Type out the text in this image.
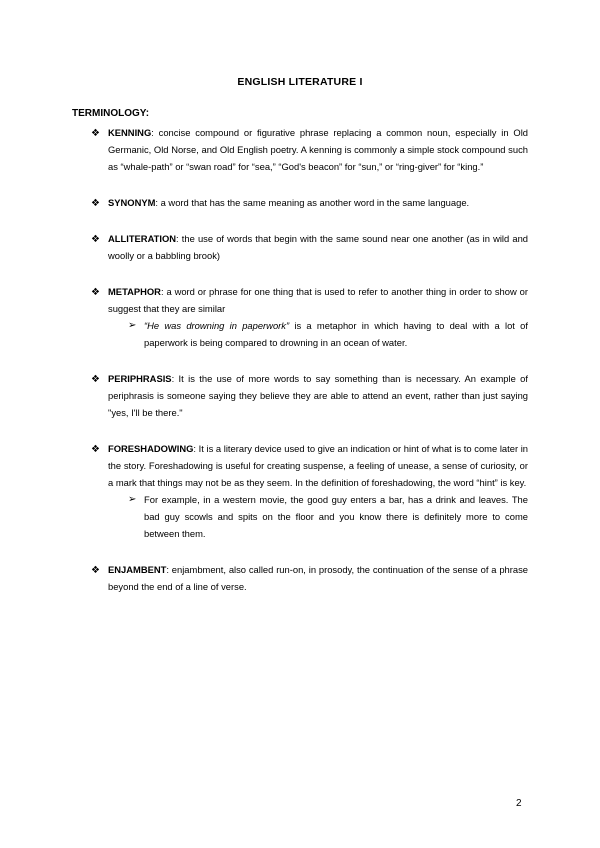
ENGLISH LITERATURE I
TERMINOLOGY:
❖ KENNING: concise compound or figurative phrase replacing a common noun, especially in Old Germanic, Old Norse, and Old English poetry. A kenning is commonly a simple stock compound such as “whale-path” or “swan road” for “sea,” “God's beacon” for “sun,” or “ring-giver” for “king.”

❖ SYNONYM: a word that has the same meaning as another word in the same language.

❖ ALLITERATION: the use of words that begin with the same sound near one another (as in wild and woolly or a babbling brook)

❖ METAPHOR: a word or phrase for one thing that is used to refer to another thing in order to show or suggest that they are similar

➢ “He was drowning in paperwork” is a metaphor in which having to deal with a lot of paperwork is being compared to drowning in an ocean of water.

❖ PERIPHRASIS: It is the use of more words to say something than is necessary. An example of periphrasis is someone saying they believe they are able to attend an event, rather than just saying "yes, I'll be there."

❖ FORESHADOWING: It is a literary device used to give an indication or hint of what is to come later in the story. Foreshadowing is useful for creating suspense, a feeling of unease, a sense of curiosity, or a mark that things may not be as they seem. In the definition of foreshadowing, the word “hint” is key.

➢ For example, in a western movie, the good guy enters a bar, has a drink and leaves. The bad guy scowls and spits on the floor and you know there is definitely more to come between them.

❖ ENJAMBENT: enjambment, also called run-on, in prosody, the continuation of the sense of a phrase beyond the end of a line of verse.

2
